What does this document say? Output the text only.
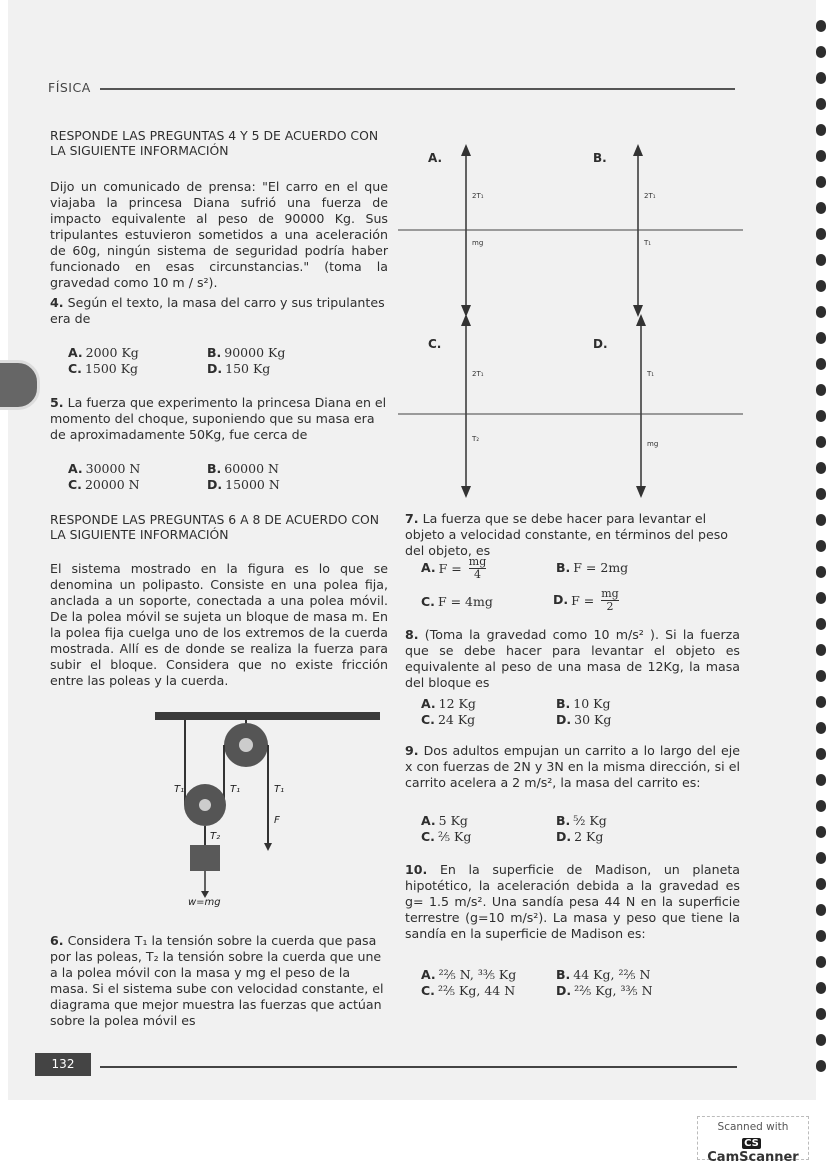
FÍSICA
RESPONDE LAS PREGUNTAS 4 Y 5 DE ACUERDO CON LA SIGUIENTE INFORMACIÓN
Dijo un comunicado de prensa: "El carro en el que viajaba la princesa Diana sufrió una fuerza de impacto equivalente al peso de 90000 Kg. Sus tripulantes estuvieron sometidos a una aceleración de 60g, ningún sistema de seguridad podría haber funcionado en esas circunstancias." (toma la gravedad como 10 m / s²).
4. Según el texto, la masa del carro y sus tripulantes era de
A. 2000 Kg	B. 90000 Kg
C. 1500 Kg	D. 150 Kg
5. La fuerza que experimento la princesa Diana en el momento del choque, suponiendo que su masa era de aproximadamente 50Kg, fue cerca de
A. 30000 N	B. 60000 N
C. 20000 N	D. 15000 N
RESPONDE LAS PREGUNTAS 6 A 8 DE ACUERDO CON LA SIGUIENTE INFORMACIÓN
El sistema mostrado en la figura es lo que se denomina un polipasto. Consiste en una polea fija, anclada a un soporte, conectada a una polea móvil. De la polea móvil se sujeta un bloque de masa m. En la polea fija cuelga uno de los extremos de la cuerda mostrada. Allí es de donde se realiza la fuerza para subir el bloque. Considera que no existe fricción entre las poleas y la cuerda.
T₁	T₁	T₁
T₂
F
w=mg
6. Considera T₁ la tensión sobre la cuerda que pasa por las poleas, T₂ la tensión sobre la cuerda que une a la polea móvil con la masa y mg el peso de la masa. Si el sistema sube con velocidad constante, el diagrama que mejor muestra las fuerzas que actúan sobre la polea móvil es
A.
2T₁
mg
B.
2T₁
T₁
C.
2T₁
T₂
D.
T₁
mg
7. La fuerza que se debe hacer para levantar el objeto a velocidad constante, en términos del peso del objeto, es
A. $F = \frac{mg}{4}$	B. F = 2mg
C. F = 4mg	D. $F = \frac{mg}{2}$
8. (Toma la gravedad como 10 m/s² ). Si la fuerza que se debe hacer para levantar el objeto es equivalente al peso de una masa de 12Kg, la masa del bloque es
A. 12 Kg	B. 10 Kg
C. 24 Kg	D. 30 Kg
9. Dos adultos empujan un carrito a lo largo del eje x con fuerzas de 2N y 3N en la misma dirección, si el carrito acelera a 2 m/s², la masa del carrito es:
A. 5 Kg	B. ⁵⁄₂ Kg
C. ²⁄₅ Kg	D. 2 Kg
10. En la superficie de Madison, un planeta hipotético, la aceleración debida a la gravedad es g= 1.5 m/s². Una sandía pesa 44 N en la superficie terrestre (g=10 m/s²). La masa y peso que tiene la sandía en la superficie de Madison es:
A. ²²⁄₅ N, ³³⁄₅ Kg	B. 44 Kg, ²²⁄₅ N
C. ²²⁄₅ Kg, 44 N	D. ²²⁄₅ Kg, ³³⁄₅ N
132
Scanned with
CSCamScanner
